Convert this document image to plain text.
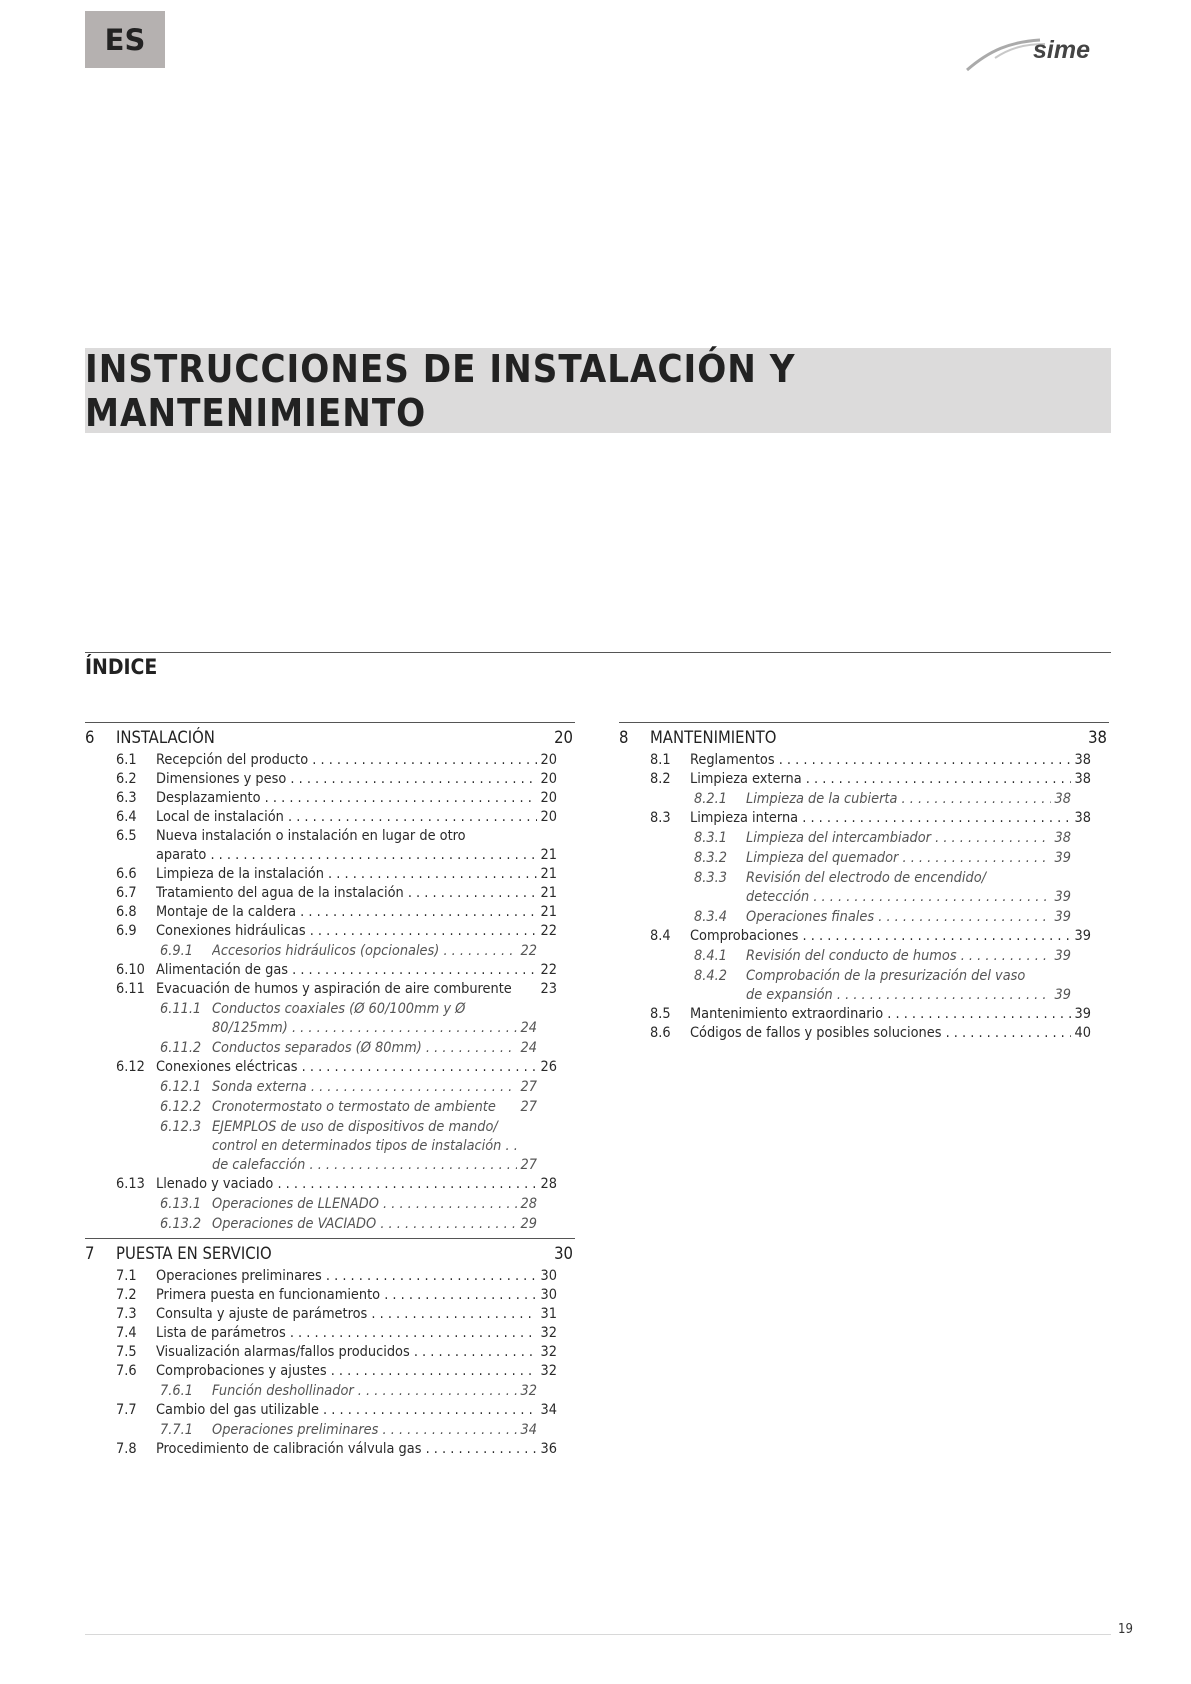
ES	sime
INSTRUCCIONES DE INSTALACIÓN Y MANTENIMIENTO
ÍNDICE
6	INSTALACIÓN	20
6.1	Recepción del producto . . .	20
6.2	Dimensiones y peso . . .	20
6.3	Desplazamiento . . .	20
6.4	Local de instalación . . .	20
6.5	Nueva instalación o instalación en lugar de otro
aparato . . .	21
6.6	Limpieza de la instalación . . .	21
6.7	Tratamiento del agua de la instalación . . .	21
6.8	Montaje de la caldera . . .	21
6.9	Conexiones hidráulicas . . .	22
6.9.1	Accesorios hidráulicos (opcionales) . . .	22
6.10 Alimentación de gas . . .	22
6.11 Evacuación de humos y aspiración de aire comburente	23
6.11.1 Conductos coaxiales (Ø 60/100mm y Ø
80/125mm) . . .	24
6.11.2 Conductos separados (Ø 80mm) . . .	24
6.12 Conexiones eléctricas . . .	26
6.12.1 Sonda externa . . .	27
6.12.2 Cronotermostato o termostato de ambiente	27
6.12.3 EJEMPLOS de uso de dispositivos de mando/
control en determinados tipos de instalación . . .
de calefacción . . .	27
6.13 Llenado y vaciado . . .	28
6.13.1 Operaciones de LLENADO . . .	28
6.13.2 Operaciones de VACIADO . . .	29
7	PUESTA EN SERVICIO	30
7.1	Operaciones preliminares . . .	30
7.2	Primera puesta en funcionamiento . . .	30
7.3	Consulta y ajuste de parámetros . . .	31
7.4	Lista de parámetros . . .	32
7.5	Visualización alarmas/fallos producidos . . .	32
7.6	Comprobaciones y ajustes . . .	32
7.6.1	Función deshollinador . . .	32
7.7	Cambio del gas utilizable . . .	34
7.7.1	Operaciones preliminares . . .	34
7.8	Procedimiento de calibración válvula gas . . .	36
8	MANTENIMIENTO	38
8.1	Reglamentos . . .	38
8.2	Limpieza externa . . .	38
8.2.1	Limpieza de la cubierta . . .	38
8.3	Limpieza interna . . .	38
8.3.1	Limpieza del intercambiador . . .	38
8.3.2	Limpieza del quemador . . .	39
8.3.3	Revisión del electrodo de encendido/
detección . . .	39
8.3.4	Operaciones finales . . .	39
8.4	Comprobaciones . . .	39
8.4.1	Revisión del conducto de humos . . .	39
8.4.2	Comprobación de la presurización del vaso
de expansión . . .	39
8.5	Mantenimiento extraordinario . . .	39
8.6	Códigos de fallos y posibles soluciones . . .	40
19
